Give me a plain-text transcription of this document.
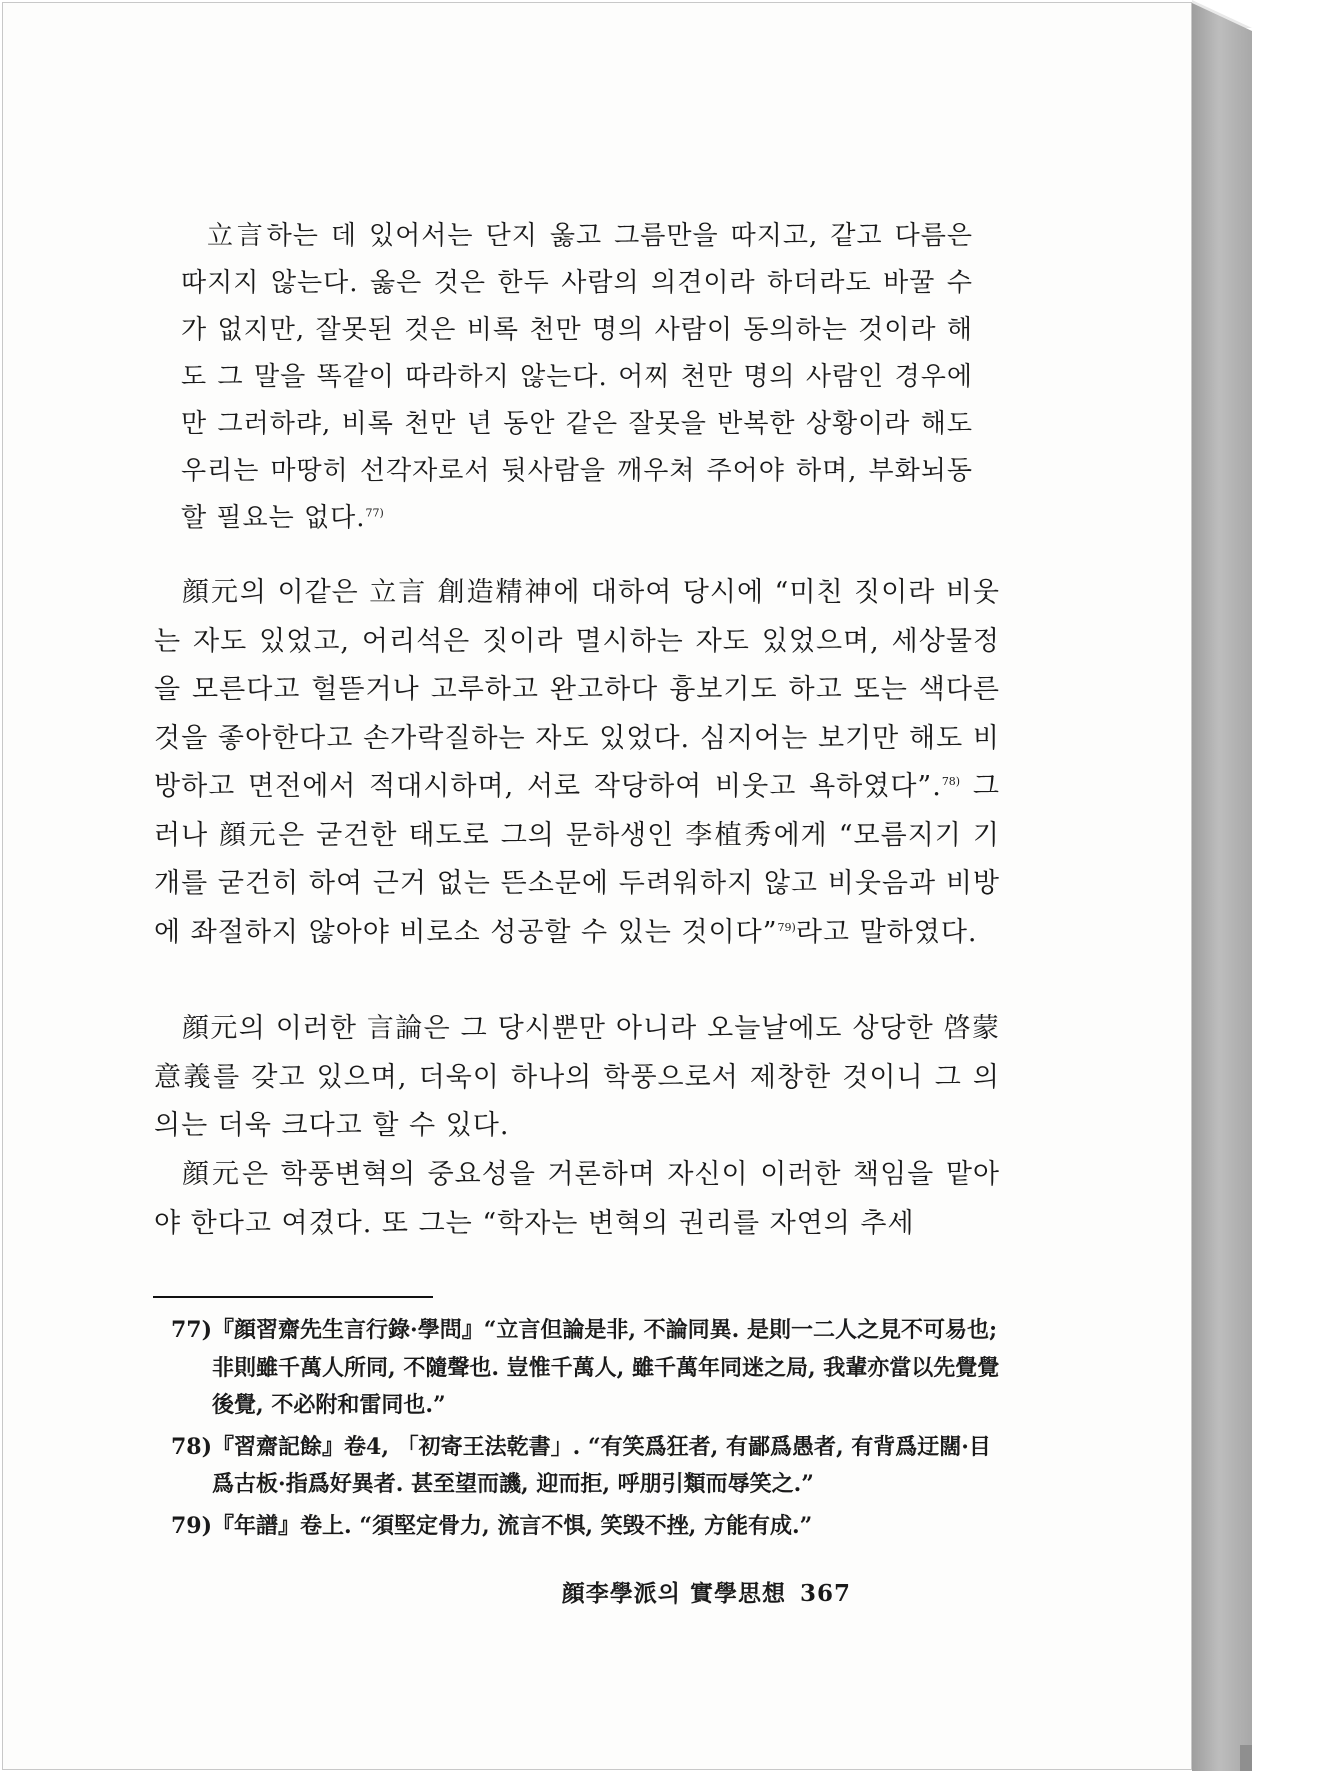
立言하는 데 있어서는 단지 옳고 그름만을 따지고, 같고 다름은 따지지 않는다. 옳은 것은 한두 사람의 의견이라 하더라도 바꿀 수가 없지만, 잘못된 것은 비록 천만 명의 사람이 동의하는 것이라 해도 그 말을 똑같이 따라하지 않는다. 어찌 천만 명의 사람인 경우에만 그러하랴, 비록 천만 년 동안 같은 잘못을 반복한 상황이라 해도 우리는 마땅히 선각자로서 뒷사람을 깨우쳐 주어야 하며, 부화뇌동할 필요는 없다.$^{77)}$
顔元의 이같은 立言 創造精神에 대하여 당시에 “미친 짓이라 비웃는 자도 있었고, 어리석은 짓이라 멸시하는 자도 있었으며, 세상물정을 모른다고 헐뜯거나 고루하고 완고하다 흉보기도 하고 또는 색다른 것을 좋아한다고 손가락질하는 자도 있었다. 심지어는 보기만 해도 비방하고 면전에서 적대시하며, 서로 작당하여 비웃고 욕하였다”.$^{78)}$ 그러나 顔元은 굳건한 태도로 그의 문하생인 李植秀에게 “모름지기 기개를 굳건히 하여 근거 없는 뜬소문에 두려워하지 않고 비웃음과 비방에 좌절하지 않아야 비로소 성공할 수 있는 것이다”$^{79)}$라고 말하였다.
顔元의 이러한 言論은 그 당시뿐만 아니라 오늘날에도 상당한 啓蒙意義를 갖고 있으며, 더욱이 하나의 학풍으로서 제창한 것이니 그 의의는 더욱 크다고 할 수 있다.
顔元은 학풍변혁의 중요성을 거론하며 자신이 이러한 책임을 맡아야 한다고 여겼다. 또 그는 “학자는 변혁의 권리를 자연의 추세
77) 『顔習齋先生言行錄·學問』“立言但論是非, 不論同異. 是則一二人之見不可易也; 非則雖千萬人所同, 不隨聲也. 豈惟千萬人, 雖千萬年同迷之局, 我輩亦當以先覺覺後覺, 不必附和雷同也.”
78) 『習齋記餘』卷4, 「初寄王法乾書」. “有笑爲狂者, 有鄙爲愚者, 有背爲迂闊·目爲古板·指爲好異者. 甚至望而譏, 迎而拒, 呼朋引類而辱笑之.”
79) 『年譜』卷上. “須堅定骨力, 流言不惧, 笑毁不挫, 方能有成.”
顔李學派의 實學思想 367
